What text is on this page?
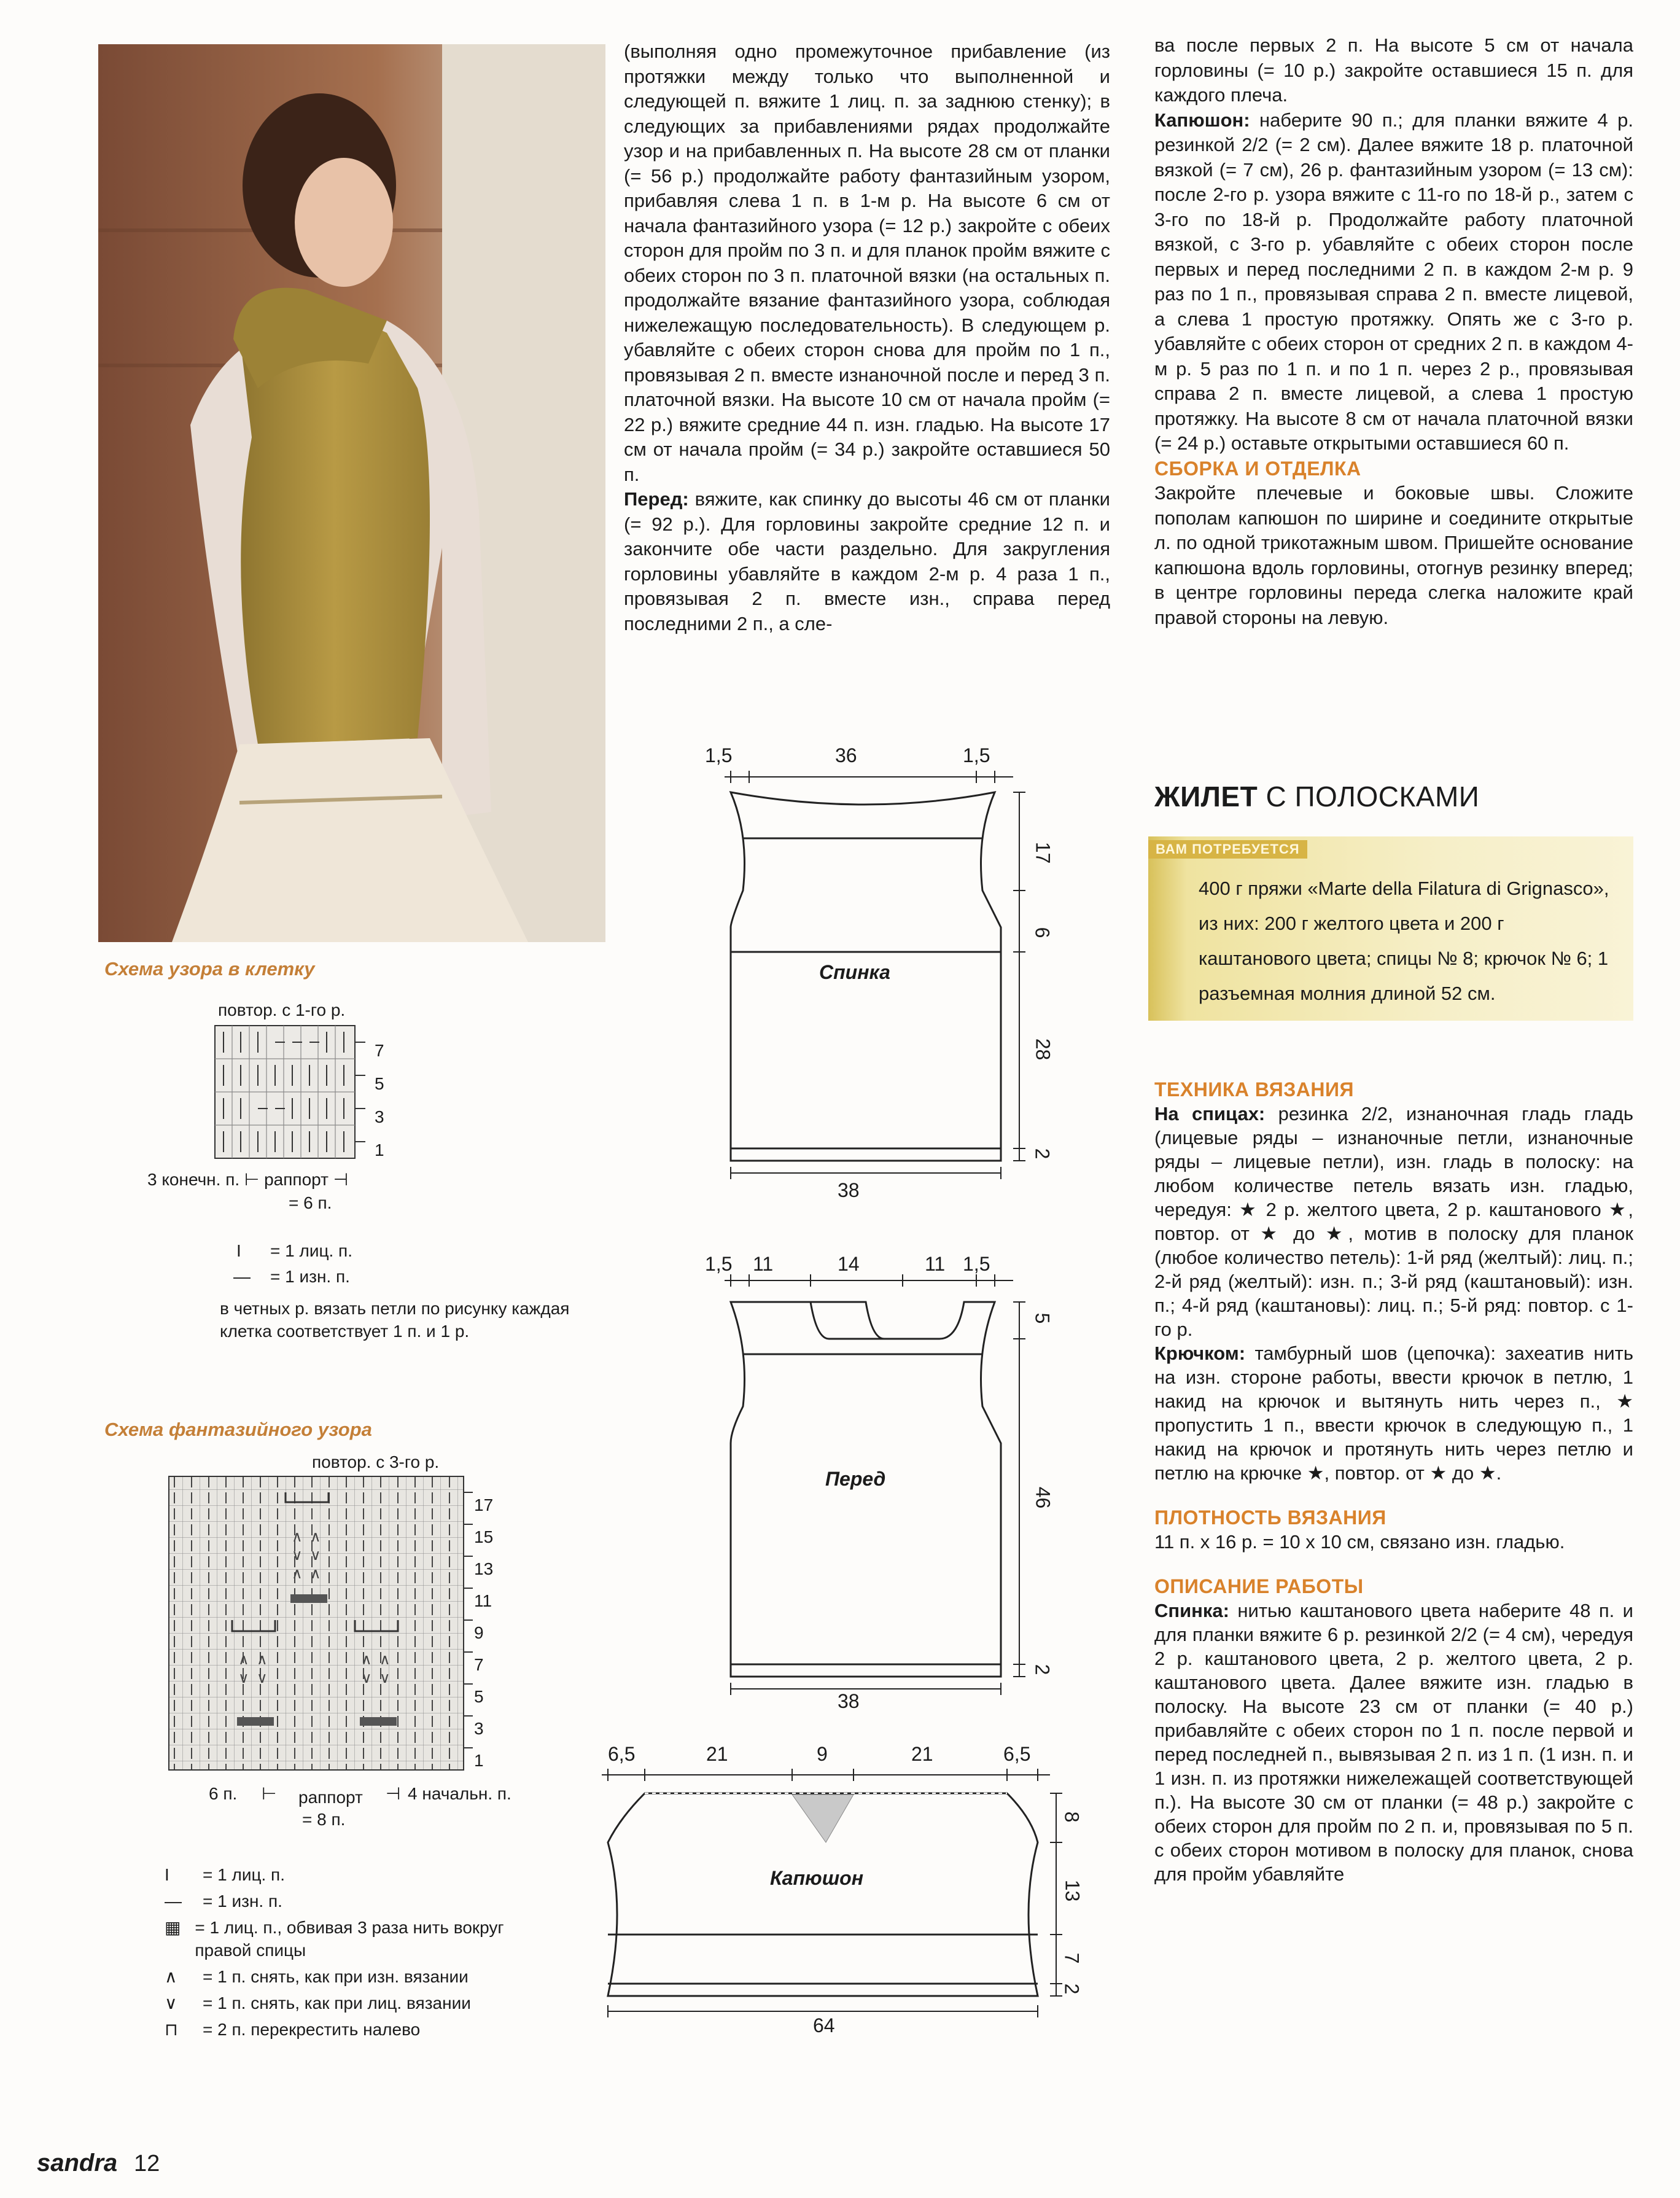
(выполняя одно промежуточное прибавление (из протяжки между только что выполненной и следующей п. вяжите 1 лиц. п. за заднюю стенку); в следующих за прибавлениями рядах продолжайте узор и на прибавленных п. На высоте 28 см от планки (= 56 р.) продолжайте работу фантазийным узором, прибавляя слева 1 п. в 1-м р. На высоте 6 см от начала фантазийного узора (= 12 р.) закройте с обеих сторон для пройм по 3 п. и для планок пройм вяжите с обеих сторон по 3 п. платочной вязки (на остальных п. продолжайте вязание фантазийного узора, соблюдая нижележащую последовательность). В следующем р. убавляйте с обеих сторон снова для пройм по 1 п., провязывая 2 п. вместе изнаночной после и перед 3 п. платочной вязки. На высоте 10 см от начала пройм (= 22 р.) вяжите средние 44 п. изн. гладью. На высоте 17 см от начала пройм (= 34 р.) закройте оставшиеся 50 п.

Перед: вяжите, как спинку до высоты 46 см от планки (= 92 р.). Для горловины закройте средние 12 п. и закончите обе части раздельно. Для закругления горловины убавляйте в каждом 2-м р. 4 раза 1 п., провязывая 2 п. вместе изн., справа перед последними 2 п., а сле-

ва после первых 2 п. На высоте 5 см от начала горловины (= 10 р.) закройте оставшиеся 15 п. для каждого плеча.

Капюшон: наберите 90 п.; для планки вяжите 4 р. резинкой 2/2 (= 2 см). Далее вяжите 18 р. платочной вязкой (= 7 см), 26 р. фантазийным узором (= 13 см): после 2-го р. узора вяжите с 11-го по 18-й р., затем с 3-го по 18-й р. Продолжайте работу платочной вязкой, с 3-го р. убавляйте с обеих сторон после первых и перед последними 2 п. в каждом 2-м р. 9 раз по 1 п., провязывая справа 2 п. вместе лицевой, а слева 1 простую протяжку. Опять же с 3-го р. убавляйте с обеих сторон от средних 2 п. в каждом 4-м р. 5 раз по 1 п. и по 1 п. через 2 р., провязывая справа 2 п. вместе лицевой, а слева 1 простую протяжку. На высоте 8 см от начала платочной вязки (= 24 р.) оставьте открытыми оставшиеся 60 п.

СБОРКА И ОТДЕЛКА

Закройте плечевые и боковые швы. Сложите пополам капюшон по ширине и соедините открытые л. по одной трикотажным швом. Пришейте основание капюшона вдоль горловины, отогнув резинку вперед; в центре горловины переда слегка наложите край правой стороны на левую.

ЖИЛЕТ С ПОЛОСКАМИ
ВАМ ПОТРЕБУЕТСЯ
400 г пряжи «Marte della Filatura di Grignasco», из них: 200 г желтого цвета и 200 г каштанового цвета; спицы № 8; крючок № 6; 1 разъемная молния длиной 52 см.

ТЕХНИКА ВЯЗАНИЯ

На спицах: резинка 2/2, изнаночная гладь гладь (лицевые ряды – изнаночные петли, изнаночные ряды – лицевые петли), изн. гладь в полоску: на любом количестве петель вязать изн. гладью, чередуя: ★ 2 р. желтого цвета, 2 р. каштанового ★, повтор. от ★ до ★, мотив в полоску для планок (любое количество петель): 1-й ряд (желтый): лиц. п.; 2-й ряд (желтый): изн. п.; 3-й ряд (каштановый): изн. п.; 4-й ряд (каштановы): лиц. п.; 5-й ряд: повтор. с 1-го р.

Крючком: тамбурный шов (цепочка): захеатив нить на изн. стороне работы, ввести крючок в петлю, 1 накид на крючок и вытянуть нить через п., ★ пропустить 1 п., ввести крючок в следующую п., 1 накид на крючок и протянуть нить через петлю и петлю на крючке ★, повтор. от ★ до ★.

ПЛОТНОСТЬ ВЯЗАНИЯ

11 п. х 16 р. = 10 х 10 см, связано изн. гладью.

ОПИСАНИЕ РАБОТЫ

Спинка: нитью каштанового цвета наберите 48 п. и для планки вяжите 6 р. резинкой 2/2 (= 4 см), чередуя 2 р. каштанового цвета, 2 р. желтого цвета, 2 р. каштанового цвета. Далее вяжите изн. гладью в полоску. На высоте 23 см от планки (= 40 р.) прибавляйте с обеих сторон по 1 п. после первой и перед последней п., вывязывая 2 п. из 1 п. (1 изн. п. и 1 изн. п. из протяжки нижележащей соответствующей п.). На высоте 30 см от планки (= 48 р.) закройте с обеих сторон для пройм по 2 п. и, провязывая по 5 п. с обеих сторон мотивом в полоску для планок, снова для пройм убавляйте

Схема узора в клетку
повтор. с 1-го р.
7
5
3
1
3 конечн. п. ⊢ раппорт ⊣
= 6 п.
I = 1 лиц. п.
— = 1 изн. п.
в четных р. вязать петли по рисунку каждая клетка соответствует 1 п. и 1 р.
Схема фантазийного узора
повтор. с 3-го р.
∧ ∧
∨ ∨
∧ ∧
∧ ∧
∨ ∨
∧ ∧
∨ ∨
17
15
13
11
9
7
5
3
1
6 п. ⊢ раппорт ⊣ 4 начальн. п.
= 8 п.
I	= 1 лиц. п.
—	= 1 изн. п.
▦ = 1 лиц. п., обвивая 3 раза нить вокруг правой спицы
∧	= 1 п. снять, как при изн. вязании
∨	= 1 п. снять, как при лиц. вязании
⊓	= 2 п. перекрестить налево
1,5	36	1,5
Спинка
17
6
28
2
38
1,5 11	14	11 1,5
Перед
5
46
2
38
6,5	21	9	21	6,5
Капюшон
8
13
7
2
64
sandra 12
